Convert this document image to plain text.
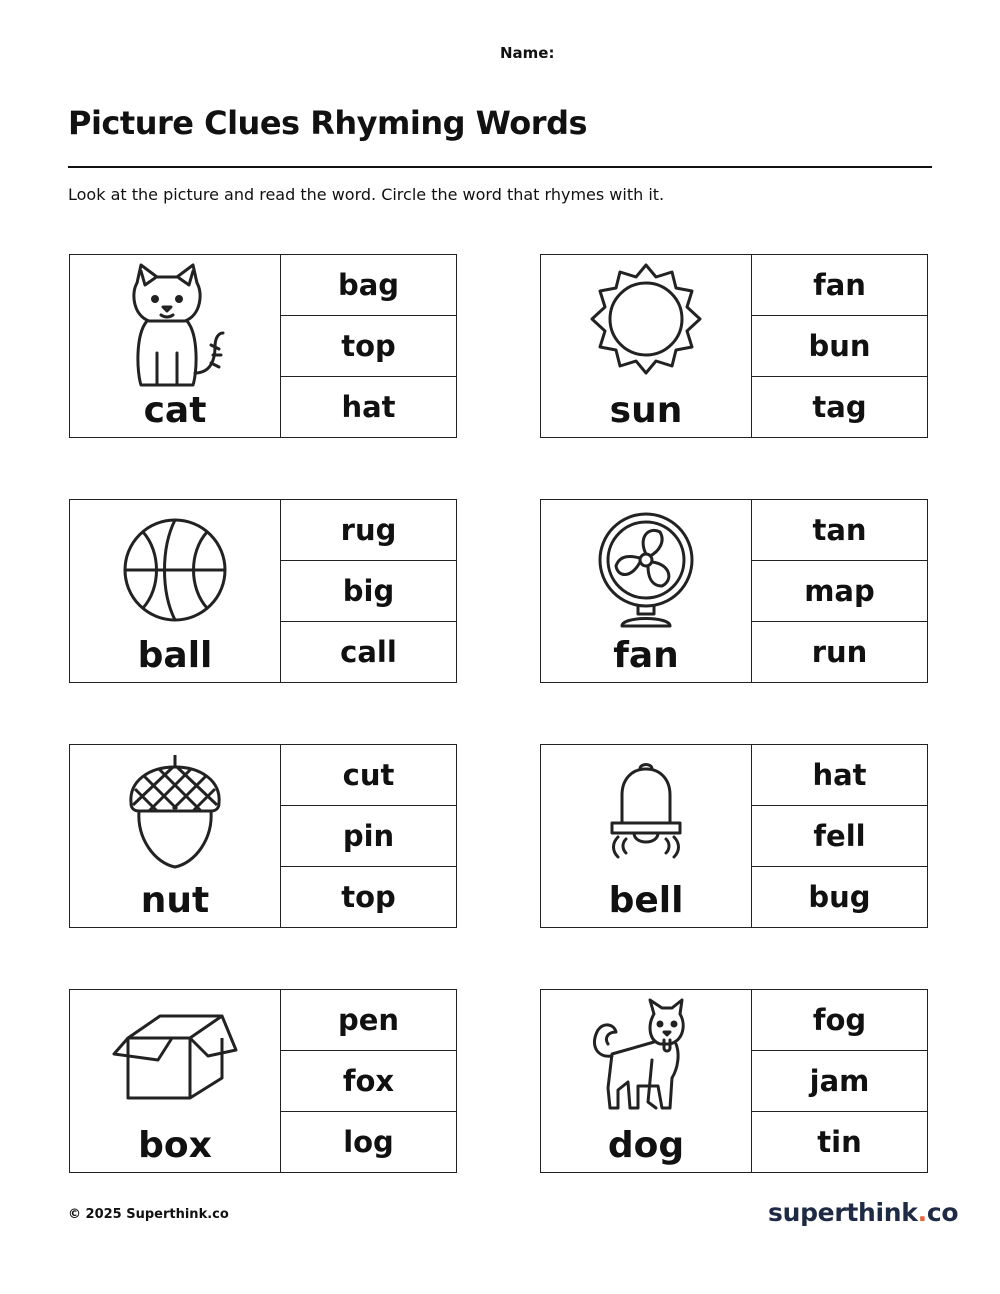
Name:
Picture Clues Rhyming Words
Look at the picture and read the word. Circle the word that rhymes with it.
cat
bag
top
hat	sun
fan
bun
tag
ball
rug
big
call	fan
tan
map
run
nut
cut
pin
top	bell
hat
fell
bug
box
pen
fox
log	dog
fog
jam
tin
© 2025 Superthink.co	superthink.co
